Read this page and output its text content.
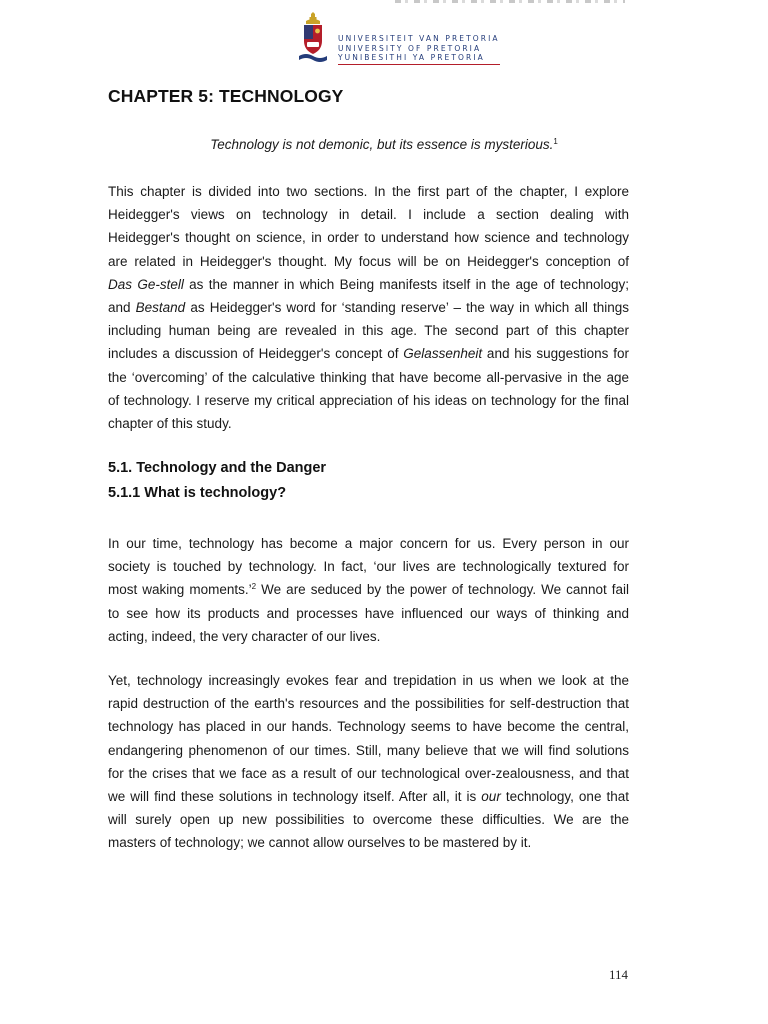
UNIVERSITEIT VAN PRETORIA
UNIVERSITY OF PRETORIA
YUNIBESITHI YA PRETORIA
CHAPTER 5: TECHNOLOGY
Technology is not demonic, but its essence is mysterious.$^1$

This chapter is divided into two sections. In the first part of the chapter, I explore
Heidegger's views on technology in detail. I include a section dealing with
Heidegger's thought on science, in order to understand how science and technology
are related in Heidegger's thought. My focus will be on Heidegger's conception of
Das Ge-stell as the manner in which Being manifests itself in the age of technology;
and Bestand as Heidegger's word for ‘standing reserve’ – the way in which all things
including human being are revealed in this age. The second part of this chapter
includes a discussion of Heidegger's concept of Gelassenheit and his suggestions for
the ‘overcoming’ of the calculative thinking that have become all-pervasive in the age
of technology. I reserve my critical appreciation of his ideas on technology for the final
chapter of this study.

5.1. Technology and the Danger
5.1.1 What is technology?

In our time, technology has become a major concern for us. Every person in our
society is touched by technology. In fact, ‘our lives are technologically textured for
most waking moments.’$^2$ We are seduced by the power of technology. We cannot fail
to see how its products and processes have influenced our ways of thinking and
acting, indeed, the very character of our lives.

Yet, technology increasingly evokes fear and trepidation in us when we look at the
rapid destruction of the earth's resources and the possibilities for self-destruction that
technology has placed in our hands. Technology seems to have become the central,
endangering phenomenon of our times. Still, many believe that we will find solutions
for the crises that we face as a result of our technological over-zealousness, and that
we will find these solutions in technology itself. After all, it is our technology, one that
will surely open up new possibilities to overcome these difficulties. We are the
masters of technology; we cannot allow ourselves to be mastered by it.

114
